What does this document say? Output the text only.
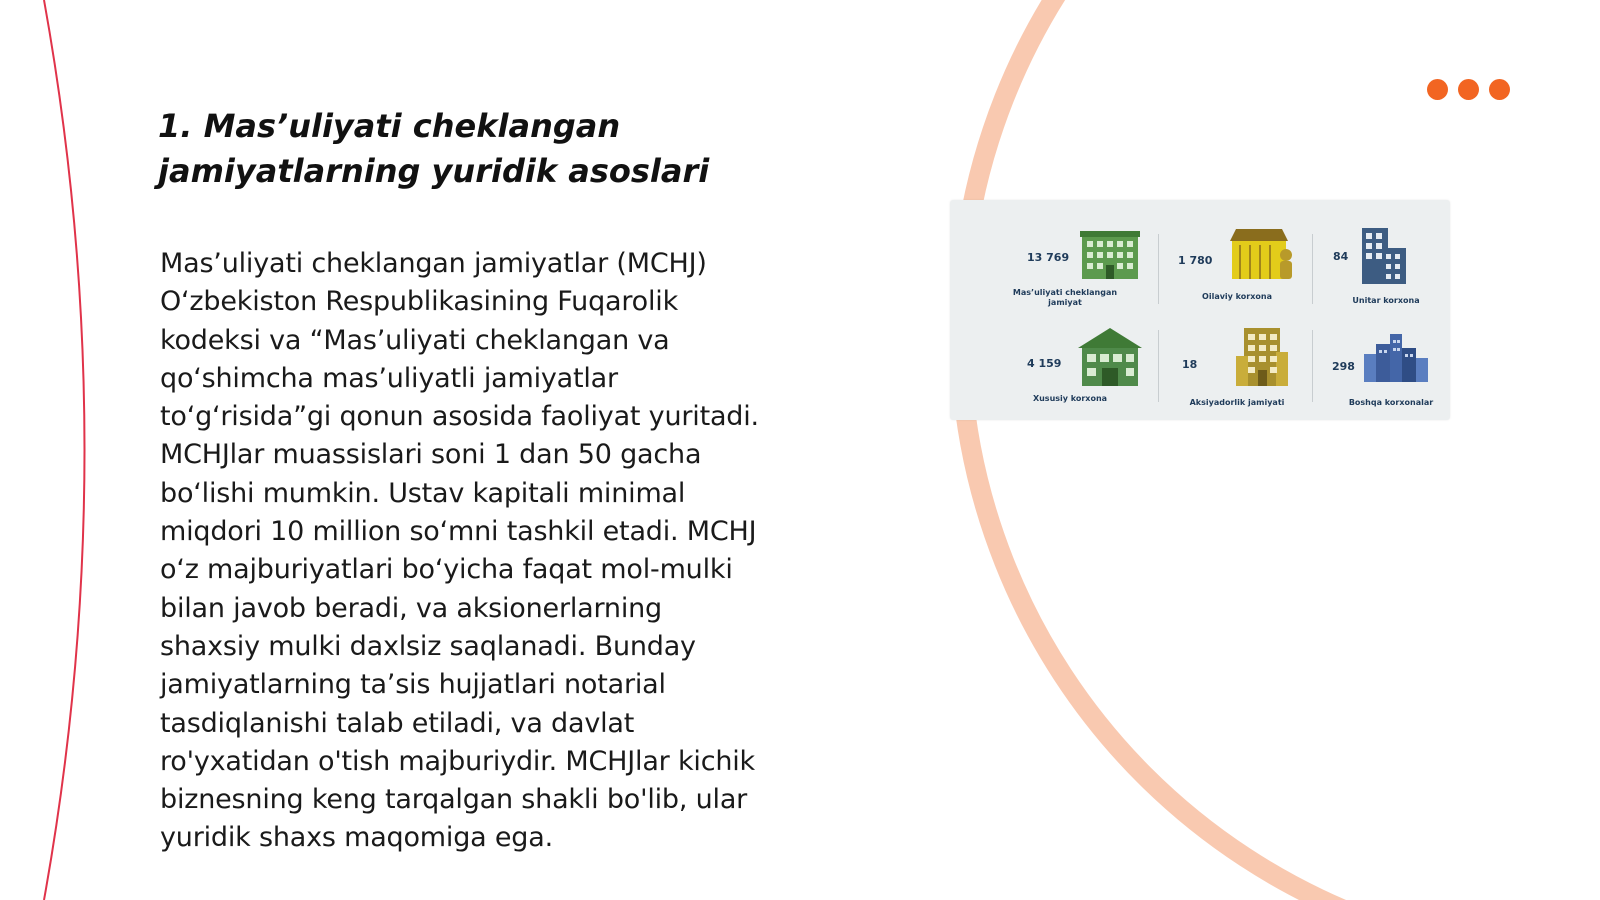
1. Mas’uliyati cheklangan
jamiyatlarning yuridik asoslari
Mas’uliyati cheklangan jamiyatlar (MCHJ)
O‘zbekiston Respublikasining Fuqarolik
kodeksi va “Mas’uliyati cheklangan va
qo‘shimcha mas’uliyatli jamiyatlar
to‘g‘risida”gi qonun asosida faoliyat yuritadi.
MCHJlar muassislari soni 1 dan 50 gacha
bo‘lishi mumkin. Ustav kapitali minimal
miqdori 10 million so‘mni tashkil etadi. MCHJ
o‘z majburiyatlari bo‘yicha faqat mol-mulki
bilan javob beradi, va aksionerlarning
shaxsiy mulki daxlsiz saqlanadi. Bunday
jamiyatlarning ta’sis hujjatlari notarial
tasdiqlanishi talab etiladi, va davlat
ro'yxatidan o'tish majburiydir. MCHJlar kichik
biznesning keng tarqalgan shakli bo'lib, ular
yuridik shaxs maqomiga ega.
13 769
Mas’uliyati cheklangan
jamiyat
1 780
Oilaviy korxona
84
Unitar korxona
4 159
Xususiy korxona
18
Aksiyadorlik jamiyati
298
Boshqa korxonalar
